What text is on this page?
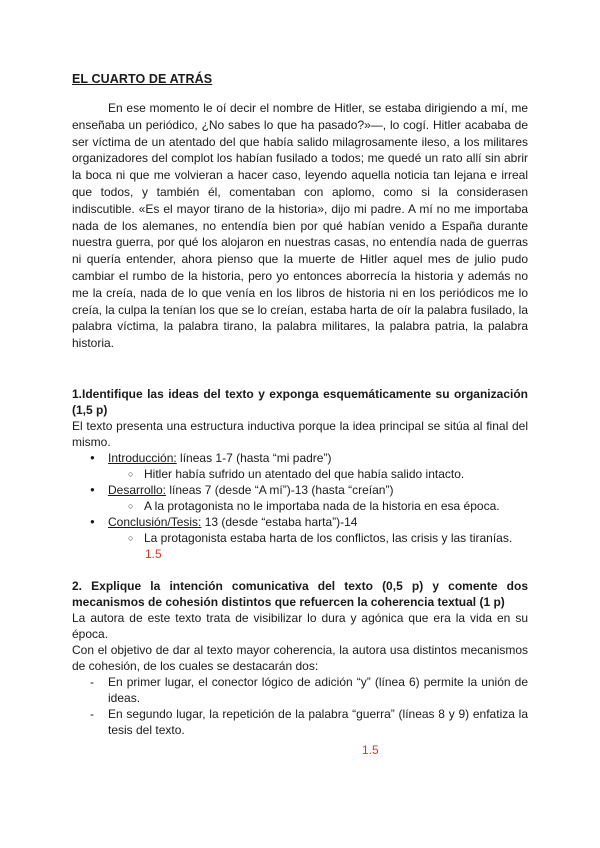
EL CUARTO DE ATRÁS

En ese momento le oí decir el nombre de Hitler, se estaba dirigiendo a mí, me enseñaba un periódico, ¿No sabes lo que ha pasado?»—, lo cogí. Hitler acababa de ser víctima de un atentado del que había salido milagrosamente ileso, a los militares organizadores del complot los habían fusilado a todos; me quedé un rato allí sin abrir la boca ni que me volvieran a hacer caso, leyendo aquella noticia tan lejana e irreal que todos, y también él, comentaban con aplomo, como si la considerasen indiscutible. «Es el mayor tirano de la historia», dijo mi padre. A mí no me importaba nada de los alemanes, no entendía bien por qué habían venido a España durante nuestra guerra, por qué los alojaron en nuestras casas, no entendía nada de guerras ni quería entender, ahora pienso que la muerte de Hitler aquel mes de julio pudo cambiar el rumbo de la historia, pero yo entonces aborrecía la historia y además no me la creía, nada de lo que venía en los libros de historia ni en los periódicos me lo creía, la culpa la tenían los que se lo creían, estaba harta de oír la palabra fusilado, la palabra víctima, la palabra tirano, la palabra militares, la palabra patria, la palabra historia.

1.Identifique las ideas del texto y exponga esquemáticamente su organización (1,5 p)

El texto presenta una estructura inductiva porque la idea principal se sitúa al final del mismo.

● Introducción: líneas 1-7 (hasta “mi padre”)
○ Hitler había sufrido un atentado del que había salido intacto.
● Desarrollo: líneas 7 (desde “A mí”)-13 (hasta “creían”)
○ A la protagonista no le importaba nada de la historia en esa época.
● Conclusión/Tesis: 13 (desde “estaba harta”)-14
○ La protagonista estaba harta de los conflictos, las crisis y las tiranías.
1.5

2. Explique la intención comunicativa del texto (0,5 p) y comente dos mecanismos de cohesión distintos que refuercen la coherencia textual (1 p)

La autora de este texto trata de visibilizar lo dura y agónica que era la vida en su época.

Con el objetivo de dar al texto mayor coherencia, la autora usa distintos mecanismos de cohesión, de los cuales se destacarán dos:

- En primer lugar, el conector lógico de adición “y” (línea 6) permite la unión de ideas.
- En segundo lugar, la repetición de la palabra “guerra” (líneas 8 y 9) enfatiza la tesis del texto.
1.5
